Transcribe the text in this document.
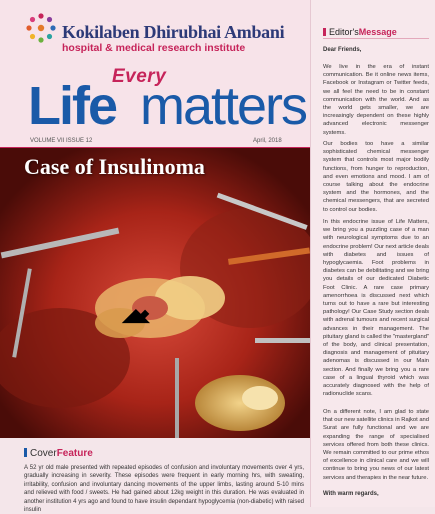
Kokilaben Dhirubhai Ambani
hospital & medical research institute
Every
Life matters
VOLUME VII ISSUE 12	April, 2018
Case of Insulinoma
CoverFeature
A 52 yr old male presented with repeated episodes of confusion and involuntary movements over 4 yrs, gradually increasing in severity. These episodes were frequent in early morning hrs, with sweating, irritability, confusion and involuntary dancing movements of the upper limbs, lasting around 5-10 mins and relieved with food / sweets. He had gained about 12kg weight in this duration. He was evaluated in another institution 4 yrs ago and found to have insulin dependant hypoglycemia (non-diabetic) with raised insulin
Editor'sMessage
Dear Friends,

We live in the era of instant communication. Be it online news items, Facebook or Instagram or Twitter feeds, we all feel the need to be in constant communication with the world. And as the world gets smaller, we are increasingly dependent on these highly advanced electronic messenger systems.

Our bodies too have a similar sophisticated chemical messenger system that controls most major bodily functions, from hunger to reproduction, and even emotions and mood. I am of course talking about the endocrine system and the hormones, and the chemical messengers, that are secreted to control our bodies.

In this endocrine issue of Life Matters, we bring you a puzzling case of a man with neurological symptoms due to an endocrine problem! Our next article deals with diabetes and issues of hypoglycaemia. Foot problems in diabetes can be debilitating and we bring you details of our dedicated Diabetic Foot Clinic. A rare case primary amenorrhoea is discussed next which turns out to have a rare but interesting pathology! Our Case Study section deals with adrenal tumours and recent surgical advances in their management. The pituitary gland is called the "mastergland" of the body, and clinical presentation, diagnosis and management of pituitary adenomas is discussed in our Main section. And finally we bring you a rare case of a lingual thyroid which was accurately diagnosed with the help of radionuclide scans.

On a different note, I am glad to state that our new satellite clinics in Rajkot and Surat are fully functional and we are expanding the range of specialised services offered from both these clinics. We remain committed to our prime ethos of excellence in clinical care and we will continue to bring you news of our latest services and therapies in the near future.

With warm regards,
